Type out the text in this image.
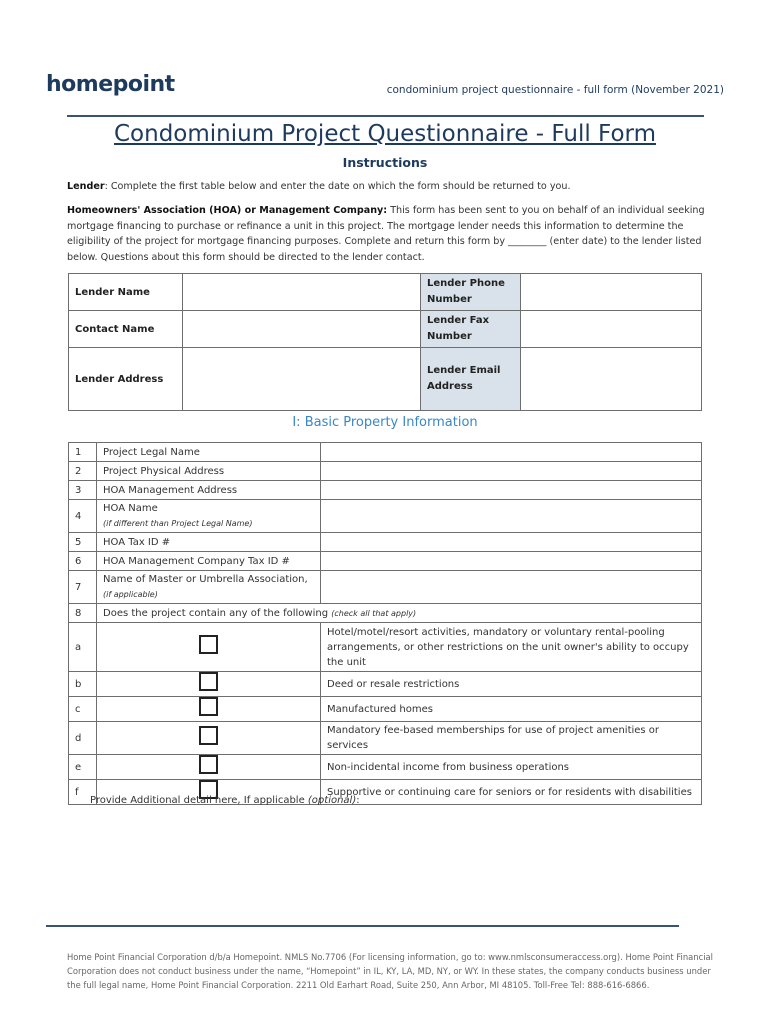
homepoint	condominium project questionnaire - full form (November 2021)
Condominium Project Questionnaire - Full Form
Instructions
Lender: Complete the first table below and enter the date on which the form should be returned to you.
Homeowners' Association (HOA) or Management Company: This form has been sent to you on behalf of an individual seeking mortgage financing to purchase or refinance a unit in this project. The mortgage lender needs this information to determine the eligibility of the project for mortgage financing purposes. Complete and return this form by ________ (enter date) to the lender listed below. Questions about this form should be directed to the lender contact.
Lender Name		Lender Phone Number	
Contact Name		Lender Fax Number	
Lender Address		Lender Email Address	
I: Basic Property Information
1	Project Legal Name	
2	Project Physical Address	
3	HOA Management Address	
4	HOA Name
(if different than Project Legal Name)	
5	HOA Tax ID #	
6	HOA Management Company Tax ID #	
7	Name of Master or Umbrella Association, (if applicable)	
8	Does the project contain any of the following (check all that apply)	
a		Hotel/motel/resort activities, mandatory or voluntary rental-pooling arrangements, or other restrictions on the unit owner's ability to occupy the unit
b		Deed or resale restrictions
c		Manufactured homes
d		Mandatory fee-based memberships for use of project amenities or services
e		Non-incidental income from business operations
f		Supportive or continuing care for seniors or for residents with disabilities
Provide Additional detail here, If applicable (optional):
Home Point Financial Corporation d/b/a Homepoint. NMLS No.7706 (For licensing information, go to: www.nmlsconsumeraccess.org). Home Point Financial Corporation does not conduct business under the name, “Homepoint” in IL, KY, LA, MD, NY, or WY. In these states, the company conducts business under the full legal name, Home Point Financial Corporation. 2211 Old Earhart Road, Suite 250, Ann Arbor, MI 48105. Toll-Free Tel: 888-616-6866.
